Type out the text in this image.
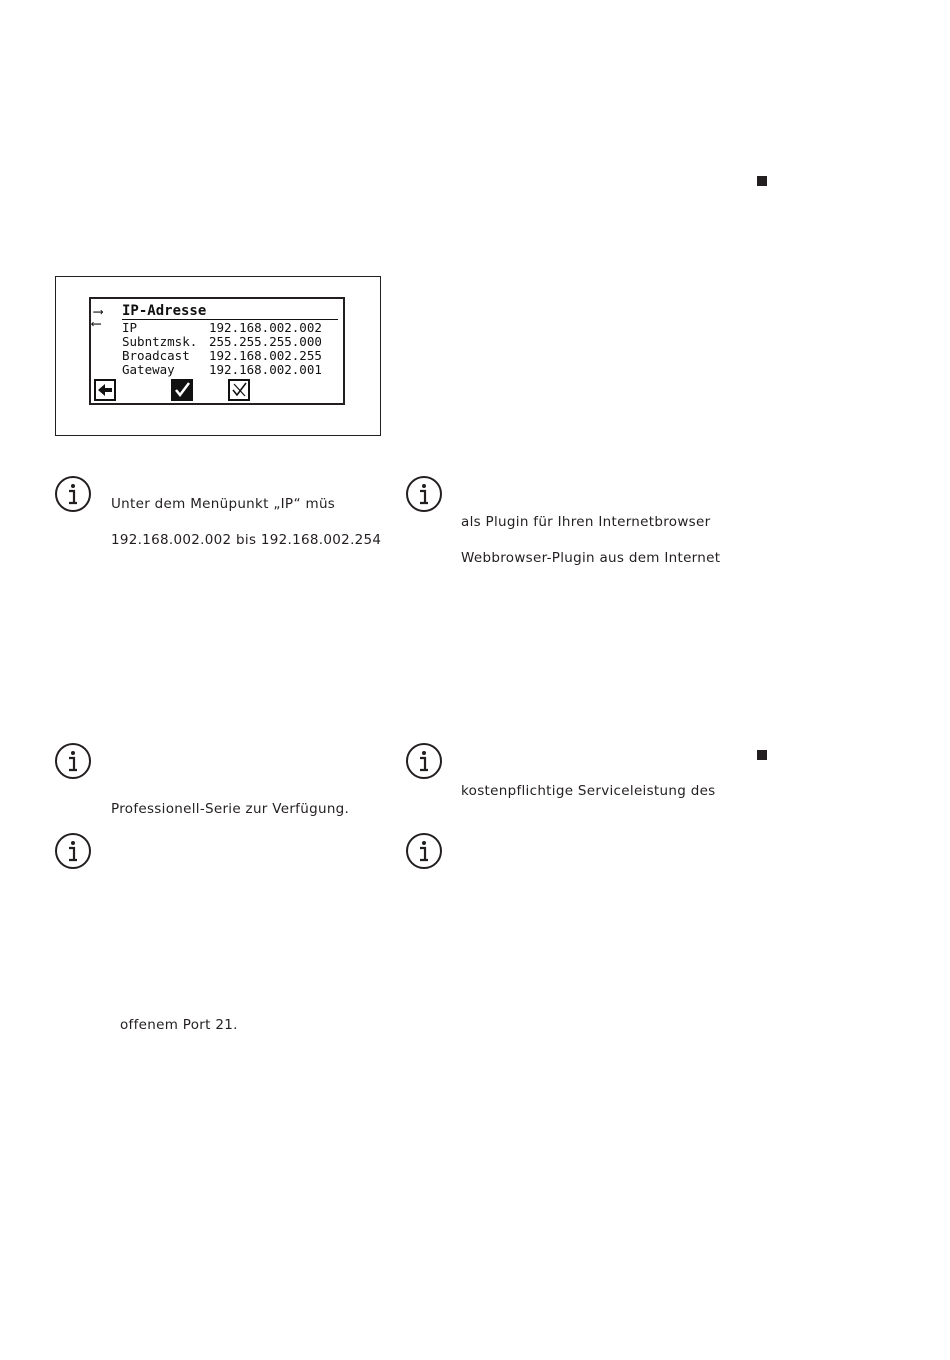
⟶
⟵
IP-Adresse
IP	192.168.002.002
Subntzmsk. 255.255.255.000
Broadcast 192.168.002.255
Gateway	192.168.002.001
Unter dem Menüpunkt „IP“ müs
192.168.002.002 bis 192.168.002.254
als Plugin für Ihren Internetbrowser
Webbrowser-Plugin aus dem Internet
Professionell-Serie zur Verfügung.
kostenpflichtige Serviceleistung des
offenem Port 21.
